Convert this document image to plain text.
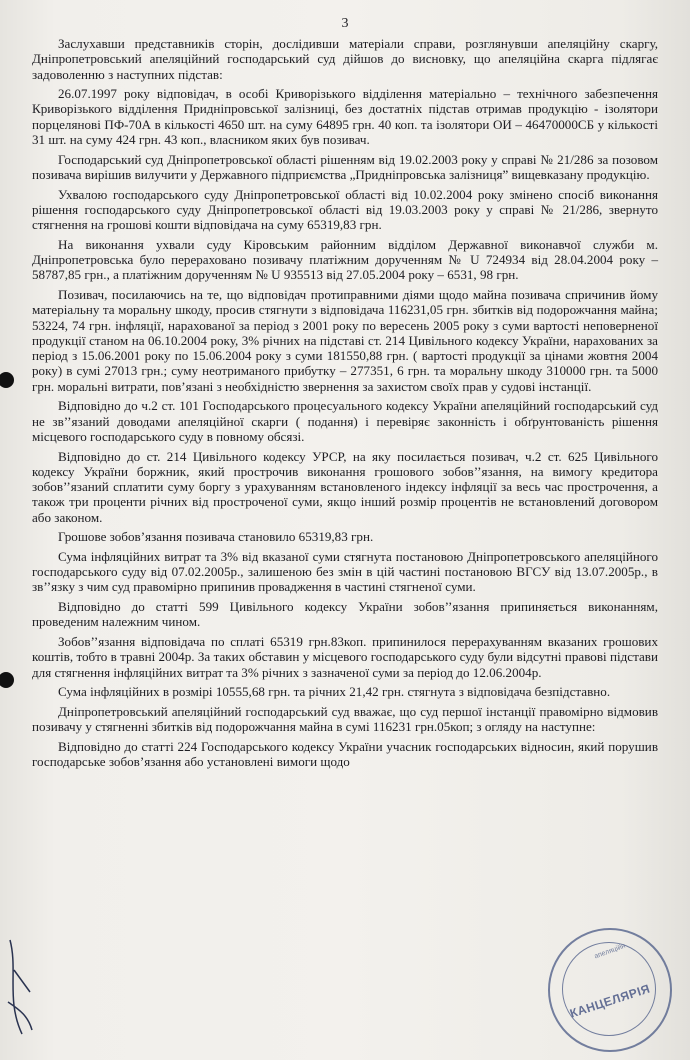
3

Заслухавши представників сторін, дослідивши матеріали справи, розглянувши апеляційну скаргу, Дніпропетровський апеляційний господарський суд дійшов до висновку, що апеляційна скарга підлягає задоволенню з наступних підстав:

26.07.1997 року відповідач, в особі Криворізького відділення матеріально – технічного забезпечення Криворізького відділення Придніпровської залізниці, без достатніх підстав отримав продукцію - ізолятори порцелянові ПФ-70А в кількості 4650 шт. на суму 64895 грн. 40 коп. та ізолятори ОИ – 46470000СБ у кількості 31 шт. на суму 424 грн. 43 коп., власником яких був позивач.

Господарський суд Дніпропетровської області рішенням від 19.02.2003 року у справі № 21/286 за позовом позивача вирішив вилучити у Державного підприємства „Придніпровська залізниця” вищевказану продукцію.

Ухвалою господарського суду Дніпропетровської області від 10.02.2004 року змінено спосіб виконання рішення господарського суду Дніпропетровської області від 19.03.2003 року у справі № 21/286, звернуто стягнення на грошові кошти відповідача на суму 65319,83 грн.

На виконання ухвали суду Кіровським районним відділом Державної виконавчої служби м. Дніпропетровська було перераховано позивачу платіжним дорученням № U 724934 від 28.04.2004 року – 58787,85 грн., а платіжним дорученням № U 935513 від 27.05.2004 року – 6531, 98 грн.

Позивач, посилаючись на те, що відповідач протиправними діями щодо майна позивача спричинив йому матеріальну та моральну шкоду, просив стягнути з відповідача 116231,05 грн. збитків від подорожчання майна; 53224, 74 грн. інфляції, нарахованої за період з 2001 року по вересень 2005 року з суми вартості неповерненої продукції станом на 06.10.2004 року, 3% річних на підставі ст. 214 Цивільного кодексу України, нарахованих за період з 15.06.2001 року по 15.06.2004 року з суми 181550,88 грн. ( вартості продукції за цінами жовтня 2004 року) в сумі 27013 грн.; суму неотриманого прибутку – 277351, 6 грн. та моральну шкоду 310000 грн. та 5000 грн. моральні витрати, пов’язані з необхідністю звернення за захистом своїх прав у судові інстанції.

Відповідно до ч.2 ст. 101 Господарського процесуального кодексу України апеляційний господарський суд не зв’’язаний доводами апеляційної скарги ( подання) і перевіряє законність і обґрунтованість рішення місцевого господарського суду в повному обсязі.

Відповідно до ст. 214 Цивільного кодексу УРСР, на яку посилається позивач, ч.2 ст. 625 Цивільного кодексу України боржник, який прострочив виконання грошового зобов’’язання, на вимогу кредитора зобов’’язаний сплатити суму боргу з урахуванням встановленого індексу інфляції за весь час прострочення, а також три проценти річних від простроченої суми, якщо інший розмір процентів не встановлений договором або законом.

Грошове зобов’язання позивача становило 65319,83 грн.

Сума інфляційних витрат та 3% від вказаної суми стягнута постановою Дніпропетровського апеляційного господарського суду від 07.02.2005р., залишеною без змін в цій частині постановою ВГСУ від 13.07.2005р., в зв’’язку з чим суд правомірно припинив провадження в частині стягненої суми.

Відповідно до статті 599 Цивільного кодексу України зобов’’язання припиняється виконанням, проведеним належним чином.

Зобов’’язання відповідача по сплаті 65319 грн.83коп. припинилося перерахуванням вказаних грошових коштів, тобто в травні 2004р. За таких обставин у місцевого господарського суду були відсутні правові підстави для стягнення інфляційних витрат та 3% річних з зазначеної суми за період до 12.06.2004р.

Сума інфляційних в розмірі 10555,68 грн. та річних 21,42 грн. стягнута з відповідача безпідставно.

Дніпропетровський апеляційний господарський суд вважає, що суд першої інстанції правомірно відмовив позивачу у стягненні збитків від подорожчання майна в сумі 116231 грн.05коп; з огляду на наступне:

Відповідно до статті 224 Господарського кодексу України учасник господарських відносин, який порушив господарське зобов’язання або установлені вимоги щодо

апеляційн
КАНЦЕЛЯРІЯ
